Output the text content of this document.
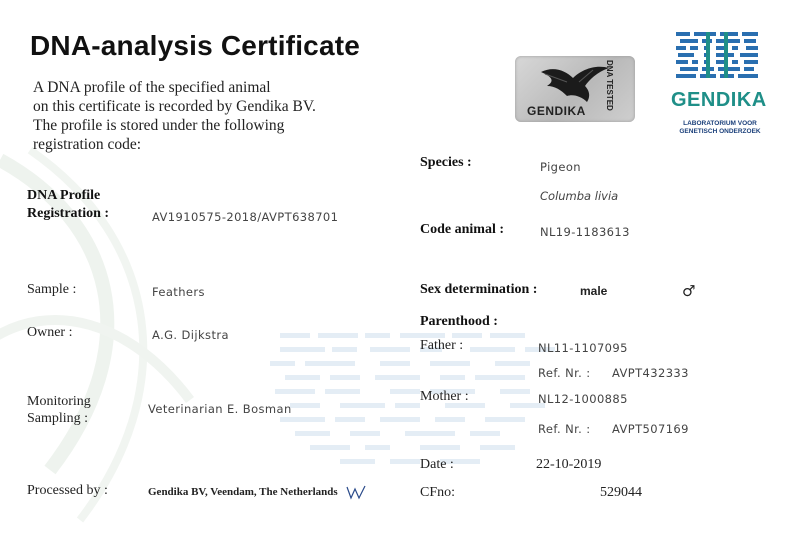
DNA-analysis Certificate
A DNA profile of the specified animal
on this certificate is recorded by Gendika BV.
The profile is stored under the following
registration code:
GENDIKA
DNA TESTED	GENDIKA
LABORATORIUM VOOR
GENETISCH ONDERZOEK
DNA Profile
Registration :	AV1910575-2018/AVPT638701
Sample :	Feathers
Owner :	A.G. Dijkstra
Monitoring
Sampling :
Veterinarian E. Bosman
Processed by :	Gendika BV, Veendam, The Netherlands
Species :	Pigeon
Columba livia
Code animal :	NL19-1183613
Sex determination :	male	♂
Parenthood :
Father :	NL11-1107095
Ref. Nr. : AVPT432333
Mother :	NL12-1000885
Ref. Nr. : AVPT507169
Date :	22-10-2019
CFno:	529044
